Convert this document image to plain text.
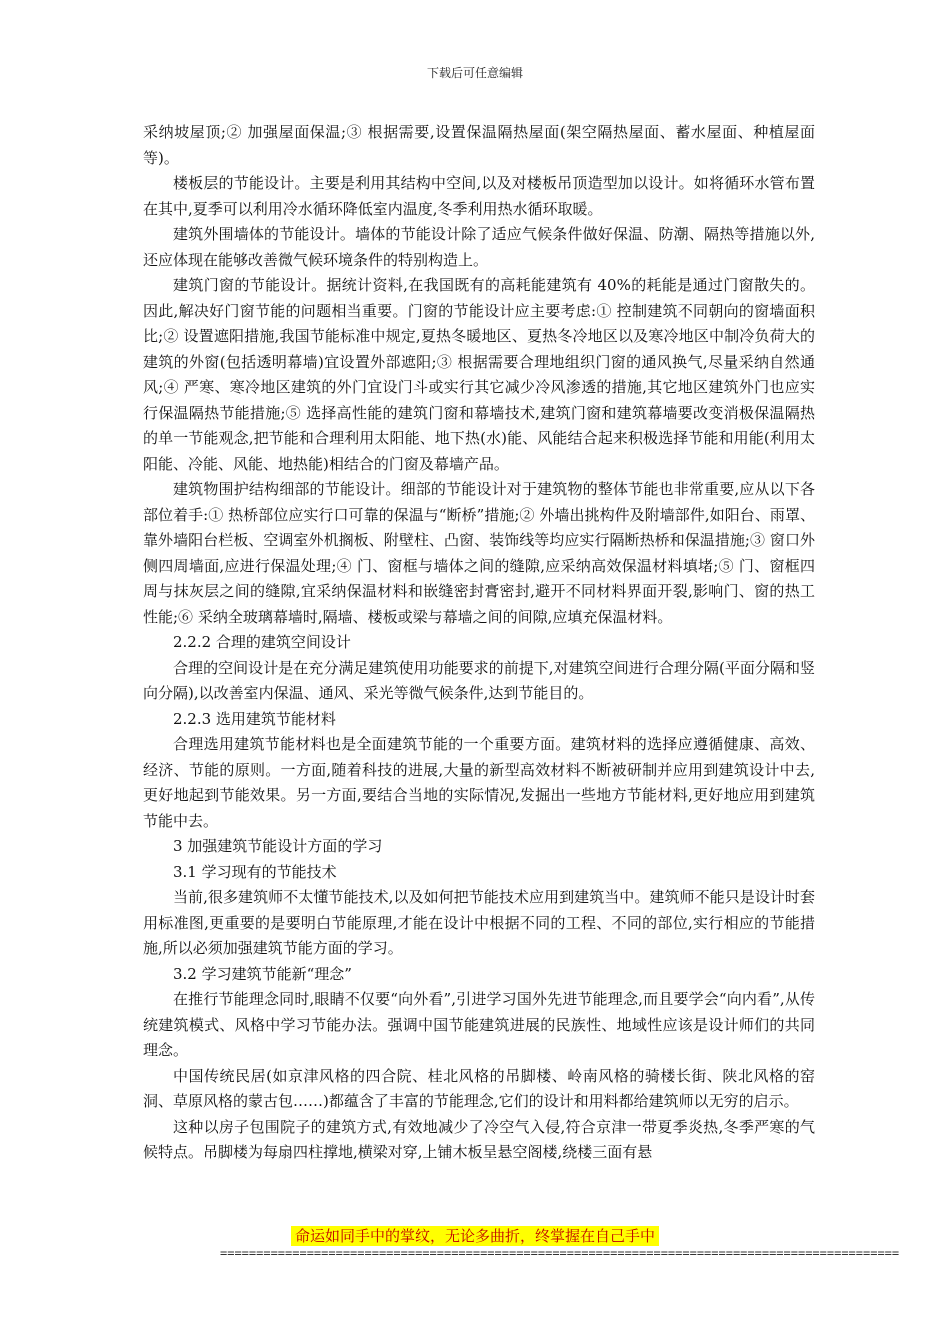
下载后可任意编辑

采纳坡屋顶;② 加强屋面保温;③ 根据需要,设置保温隔热屋面(架空隔热屋面、蓄水屋面、种植屋面等)。

楼板层的节能设计。主要是利用其结构中空间,以及对楼板吊顶造型加以设计。如将循环水管布置在其中,夏季可以利用冷水循环降低室内温度,冬季利用热水循环取暖。

建筑外围墙体的节能设计。墙体的节能设计除了适应气候条件做好保温、防潮、隔热等措施以外,还应体现在能够改善微气候环境条件的特别构造上。

建筑门窗的节能设计。据统计资料,在我国既有的高耗能建筑有 40%的耗能是通过门窗散失的。因此,解决好门窗节能的问题相当重要。门窗的节能设计应主要考虑:① 控制建筑不同朝向的窗墙面积比;② 设置遮阳措施,我国节能标准中规定,夏热冬暖地区、夏热冬冷地区以及寒冷地区中制冷负荷大的建筑的外窗(包括透明幕墙)宜设置外部遮阳;③ 根据需要合理地组织门窗的通风换气,尽量采纳自然通风;④ 严寒、寒冷地区建筑的外门宜设门斗或实行其它减少冷风渗透的措施,其它地区建筑外门也应实行保温隔热节能措施;⑤ 选择高性能的建筑门窗和幕墙技术,建筑门窗和建筑幕墙要改变消极保温隔热的单一节能观念,把节能和合理利用太阳能、地下热(水)能、风能结合起来积极选择节能和用能(利用太阳能、冷能、风能、地热能)相结合的门窗及幕墙产品。

建筑物围护结构细部的节能设计。细部的节能设计对于建筑物的整体节能也非常重要,应从以下各部位着手:① 热桥部位应实行口可靠的保温与“断桥”措施;② 外墙出挑构件及附墙部件,如阳台、雨罩、靠外墙阳台栏板、空调室外机搁板、附壁柱、凸窗、装饰线等均应实行隔断热桥和保温措施;③ 窗口外侧四周墙面,应进行保温处理;④ 门、窗框与墙体之间的缝隙,应采纳高效保温材料填堵;⑤ 门、窗框四周与抹灰层之间的缝隙,宜采纳保温材料和嵌缝密封膏密封,避开不同材料界面开裂,影响门、窗的热工性能;⑥ 采纳全玻璃幕墙时,隔墙、楼板或梁与幕墙之间的间隙,应填充保温材料。

2.2.2 合理的建筑空间设计

合理的空间设计是在充分满足建筑使用功能要求的前提下,对建筑空间进行合理分隔(平面分隔和竖向分隔),以改善室内保温、通风、采光等微气候条件,达到节能目的。

2.2.3 选用建筑节能材料

合理选用建筑节能材料也是全面建筑节能的一个重要方面。建筑材料的选择应遵循健康、高效、经济、节能的原则。一方面,随着科技的进展,大量的新型高效材料不断被研制并应用到建筑设计中去,更好地起到节能效果。另一方面,要结合当地的实际情况,发掘出一些地方节能材料,更好地应用到建筑节能中去。

3 加强建筑节能设计方面的学习

3.1 学习现有的节能技术

当前,很多建筑师不太懂节能技术,以及如何把节能技术应用到建筑当中。建筑师不能只是设计时套用标准图,更重要的是要明白节能原理,才能在设计中根据不同的工程、不同的部位,实行相应的节能措施,所以必须加强建筑节能方面的学习。

3.2 学习建筑节能新“理念”

在推行节能理念同时,眼睛不仅要“向外看”,引进学习国外先进节能理念,而且要学会“向内看”,从传统建筑模式、风格中学习节能办法。强调中国节能建筑进展的民族性、地域性应该是设计师们的共同理念。

中国传统民居(如京津风格的四合院、桂北风格的吊脚楼、岭南风格的骑楼长街、陕北风格的窑洞、草原风格的蒙古包……)都蕴含了丰富的节能理念,它们的设计和用料都给建筑师以无穷的启示。

这种以房子包围院子的建筑方式,有效地减少了冷空气入侵,符合京津一带夏季炎热,冬季严寒的气候特点。吊脚楼为每扇四柱撑地,横梁对穿,上铺木板呈悬空阁楼,绕楼三面有悬

命运如同手中的掌纹，无论多曲折，终掌握在自己手中
==============================================================================================
